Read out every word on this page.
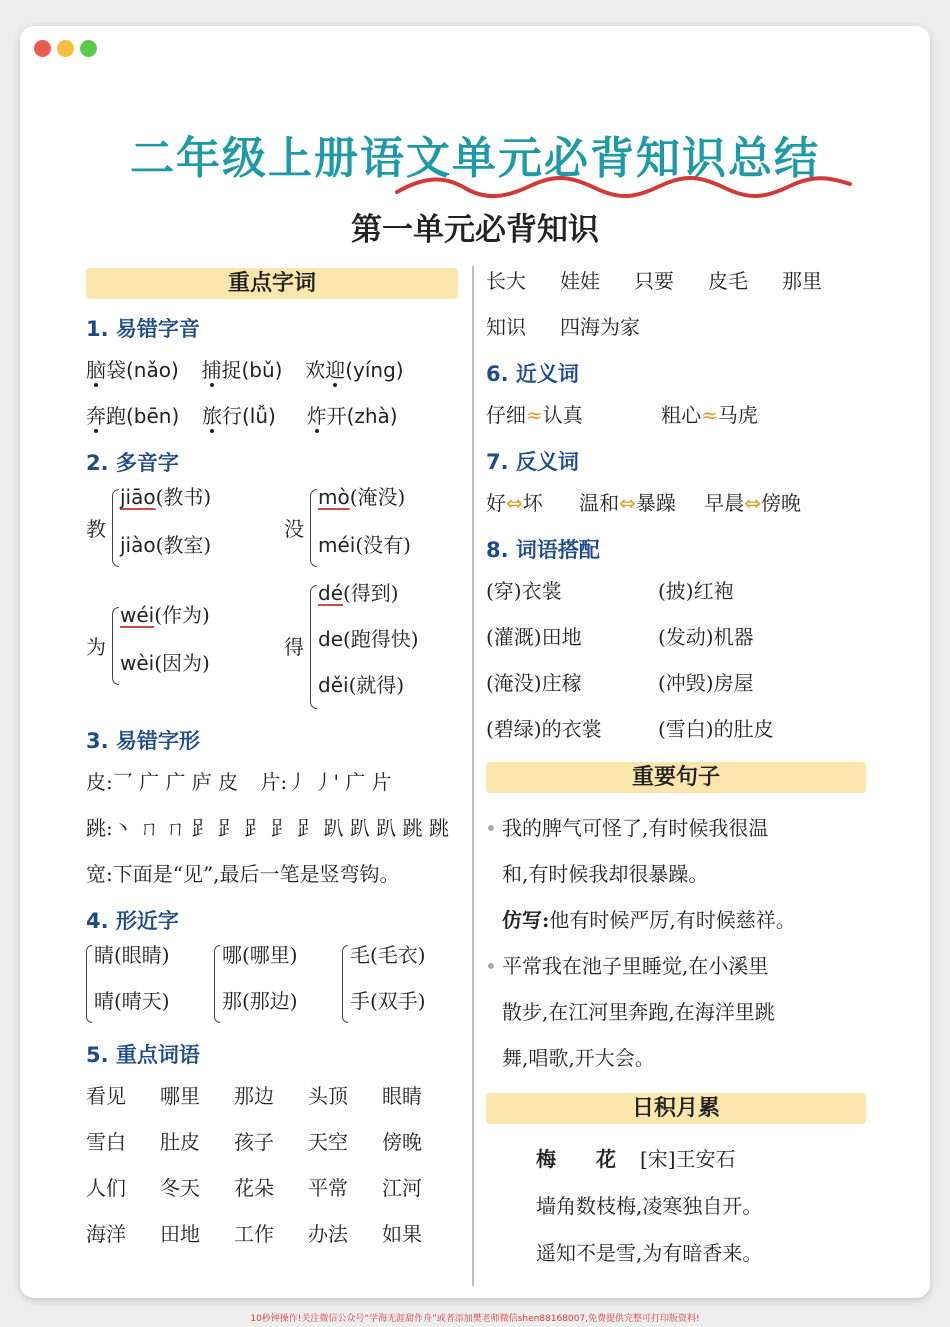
二年级上册语文单元必背知识总结
第一单元必背知识
重点字词
1. 易错字音
脑袋(nǎo) 捕捉(bǔ) 欢迎(yíng)
奔跑(bēn) 旅行(lǚ) 炸开(zhà)
2. 多音字
教
jiāo(教书)
jiào(教室)
没
mò(淹没)
méi(没有)
为
wéi(作为)
wèi(因为)
得
dé(得到)
de(跑得快)
děi(就得)
3. 易错字形
皮:乛 广 广 庐 皮 片:丿 丿' 广 片
跳:丶 ㄇ ㄇ 𧾷 𧾷 𧾷 𧾷 𧾷 趴 趴 趴 跳 跳
宽:下面是“见”,最后一笔是竖弯钩。
4. 形近字
睛(眼睛)
晴(晴天)
哪(哪里)
那(那边)
毛(毛衣)
手(双手)
5. 重点词语
看见 哪里 那边 头顶 眼睛
雪白 肚皮 孩子 天空 傍晚
人们 冬天 花朵 平常 江河
海洋 田地 工作 办法 如果
长大 娃娃 只要 皮毛 那里
知识 四海为家
6. 近义词
仔细≈认真	粗心≈马虎
7. 反义词
好⇔坏 温和⇔暴躁 早晨⇔傍晚
8. 词语搭配
(穿)衣裳	(披)红袍
(灌溉)田地	(发动)机器
(淹没)庄稼	(冲毁)房屋
(碧绿)的衣裳	(雪白)的肚皮
重要句子
我的脾气可怪了,有时候我很温
和,有时候我却很暴躁。
仿写:他有时候严厉,有时候慈祥。
平常我在池子里睡觉,在小溪里
散步,在江河里奔跑,在海洋里跳
舞,唱歌,开大会。
日积月累
梅　　花 [宋]王安石
墙角数枝梅,凌寒独自开。
遥知不是雪,为有暗香来。
10秒钟操作!关注微信公众号“学海无涯甜作舟”或者添加樊老师微信shen88168007,免费提供完整可打印版资料!
